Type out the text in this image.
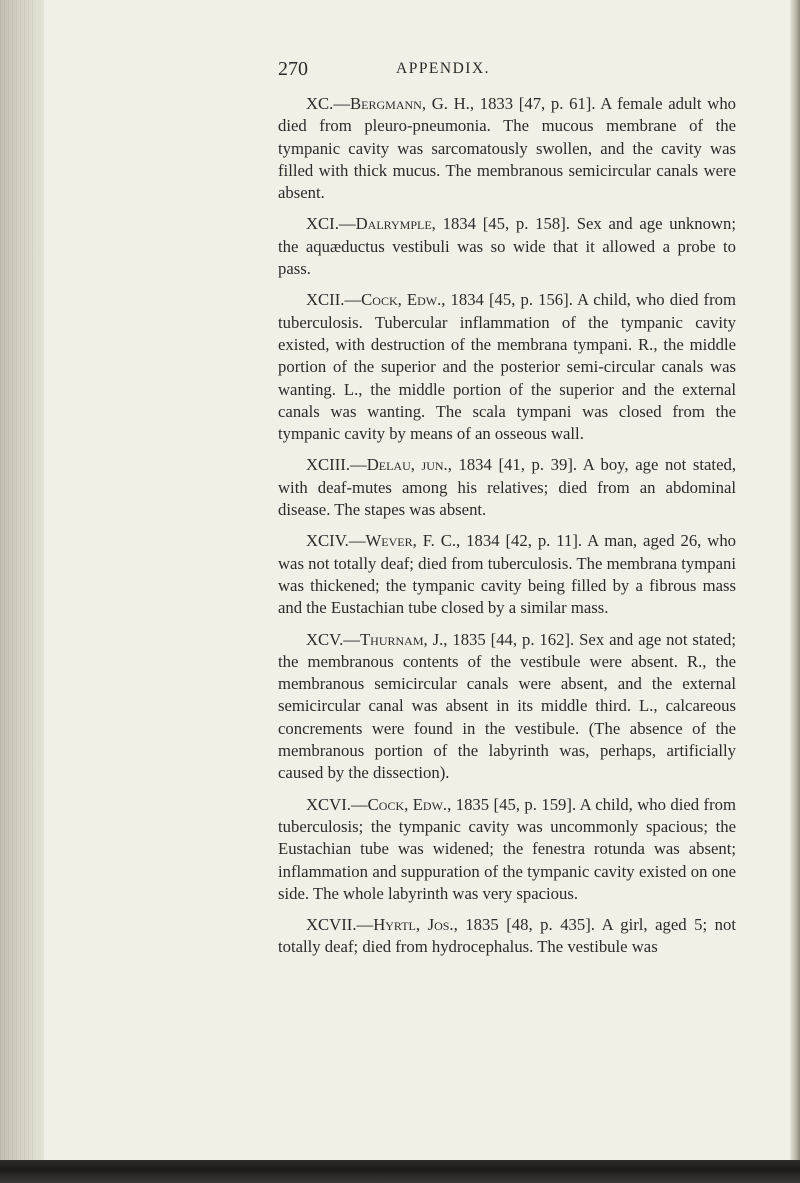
270	APPENDIX.

XC.—Bergmann, G. H., 1833 [47, p. 61]. A female adult who died from pleuro-pneumonia. The mucous membrane of the tympanic cavity was sarcomatously swollen, and the cavity was filled with thick mucus. The membranous semicircular canals were absent.

XCI.—Dalrymple, 1834 [45, p. 158]. Sex and age unknown; the aquæductus vestibuli was so wide that it allowed a probe to pass.

XCII.—Cock, Edw., 1834 [45, p. 156]. A child, who died from tuberculosis. Tubercular inflammation of the tympanic cavity existed, with destruction of the membrana tympani. R., the middle portion of the superior and the posterior semi-circular canals was wanting. L., the middle portion of the superior and the external canals was wanting. The scala tympani was closed from the tympanic cavity by means of an osseous wall.

XCIII.—Delau, jun., 1834 [41, p. 39]. A boy, age not stated, with deaf-mutes among his relatives; died from an abdominal disease. The stapes was absent.

XCIV.—Wever, F. C., 1834 [42, p. 11]. A man, aged 26, who was not totally deaf; died from tuberculosis. The membrana tympani was thickened; the tympanic cavity being filled by a fibrous mass and the Eustachian tube closed by a similar mass.

XCV.—Thurnam, J., 1835 [44, p. 162]. Sex and age not stated; the membranous contents of the vestibule were absent. R., the membranous semicircular canals were absent, and the external semicircular canal was absent in its middle third. L., calcareous concrements were found in the vestibule. (The absence of the membranous portion of the labyrinth was, perhaps, artificially caused by the dissection).

XCVI.—Cock, Edw., 1835 [45, p. 159]. A child, who died from tuberculosis; the tympanic cavity was uncommonly spacious; the Eustachian tube was widened; the fenestra rotunda was absent; inflammation and suppuration of the tympanic cavity existed on one side. The whole labyrinth was very spacious.

XCVII.—Hyrtl, Jos., 1835 [48, p. 435]. A girl, aged 5; not totally deaf; died from hydrocephalus. The vestibule was
